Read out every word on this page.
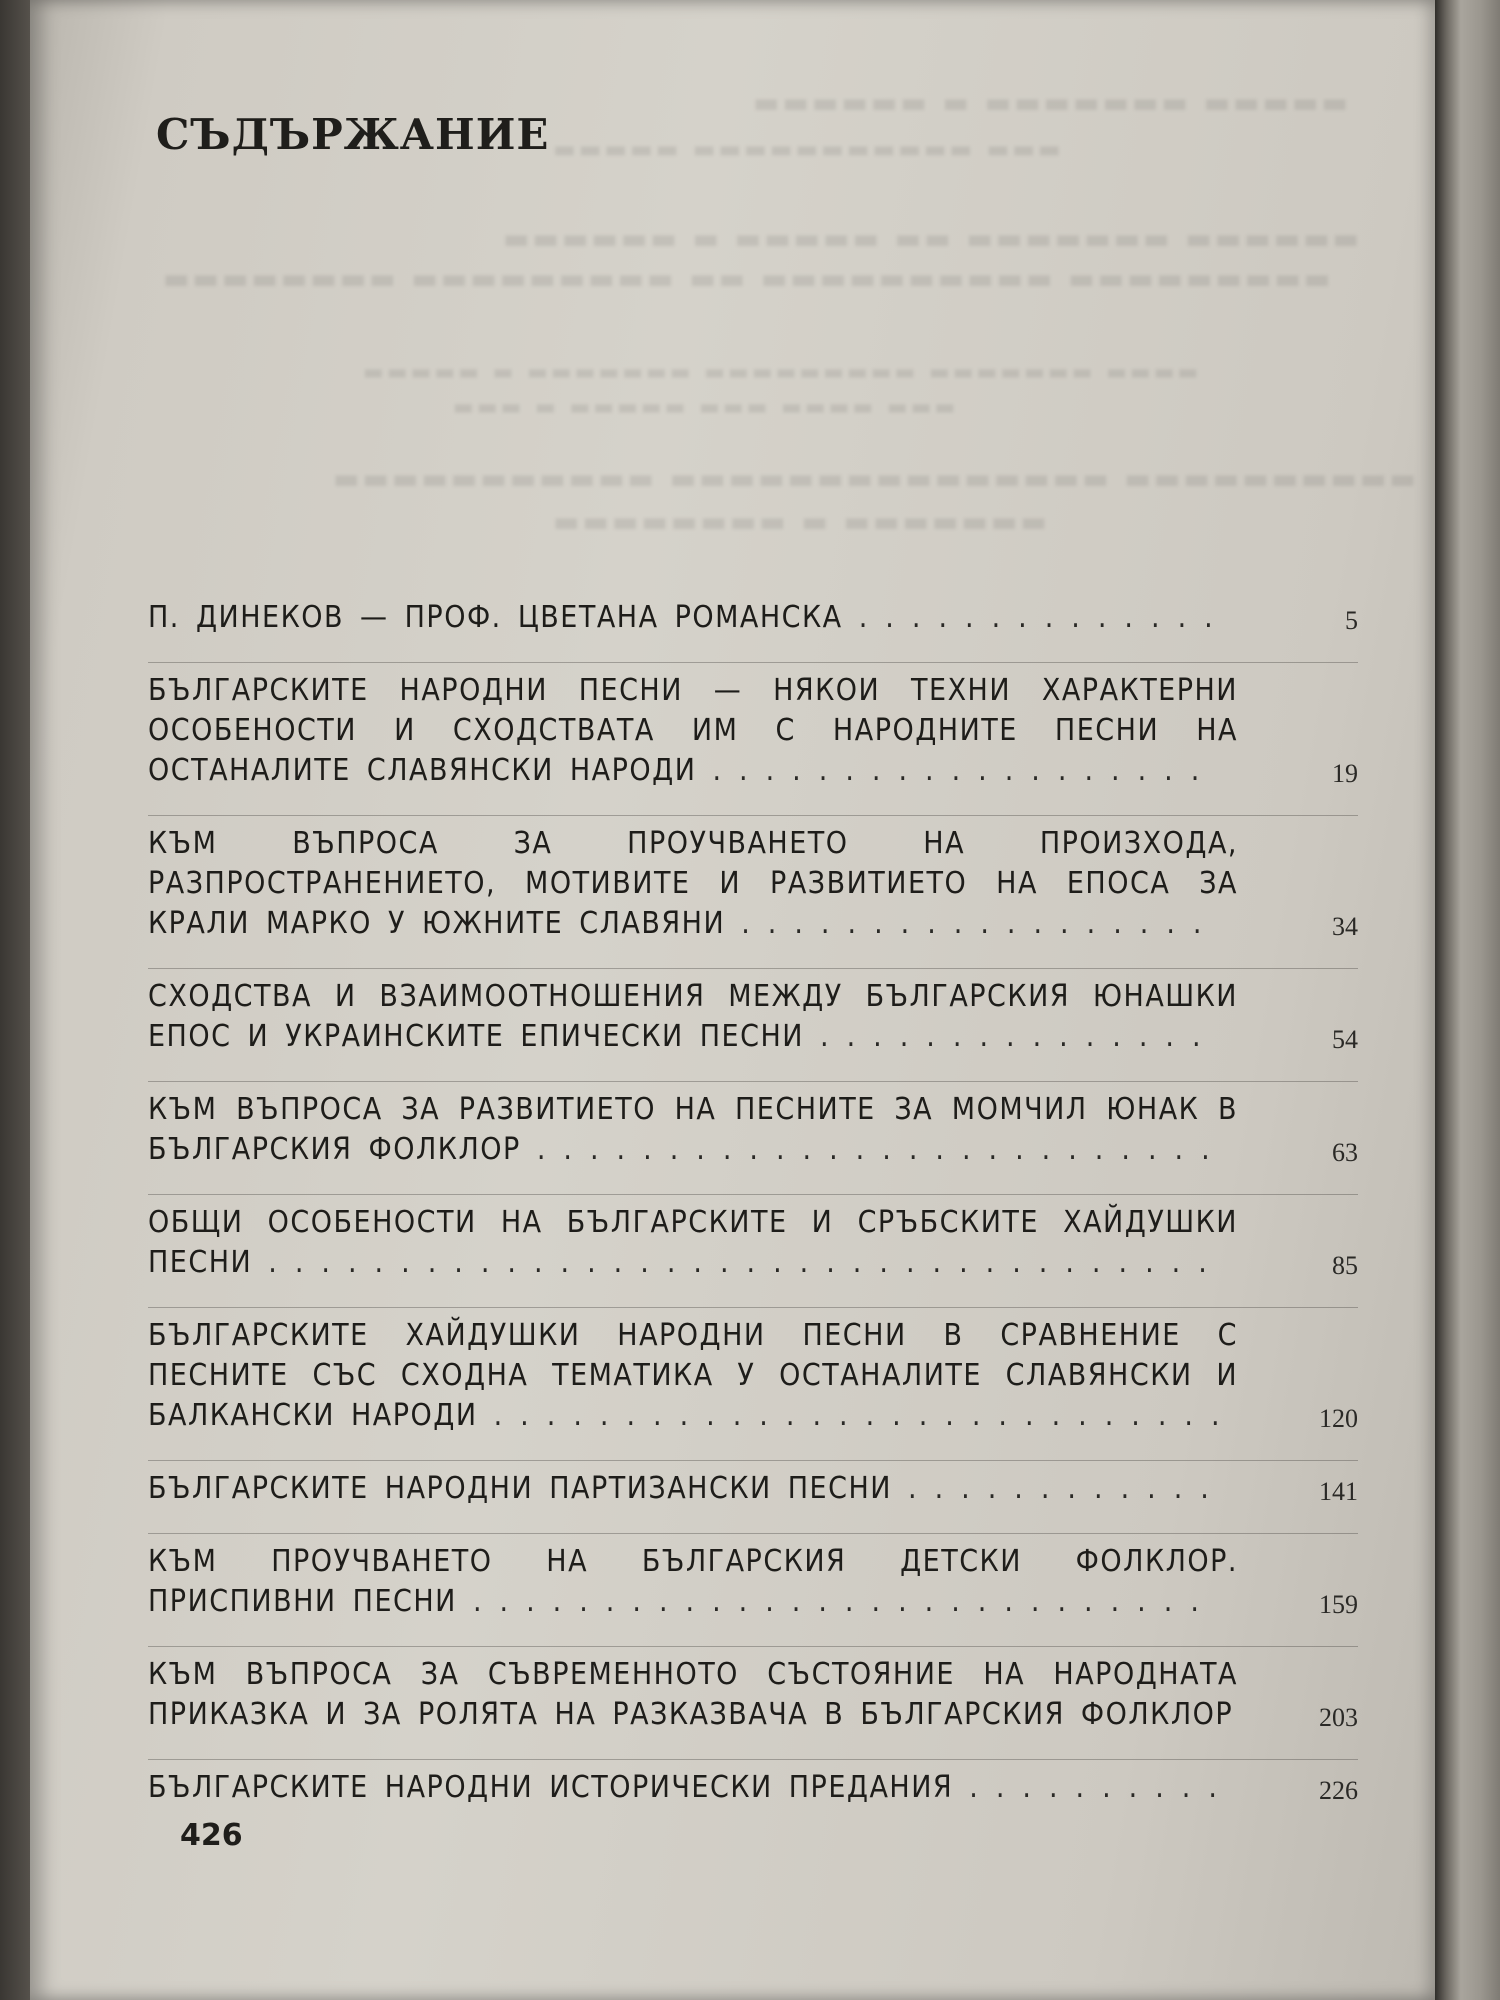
▬▬▬▬▬ ▬▬▬▬▬▬▬ ▬ ▬▬▬▬▬▬
▬▬▬ ▬▬▬▬▬▬▬▬▬▬▬ ▬▬▬▬▬
▬▬▬▬▬▬ ▬▬▬▬▬▬▬ ▬▬ ▬▬▬▬▬ ▬ ▬▬▬▬▬▬
▬▬▬▬▬▬▬▬▬ ▬▬▬▬▬▬▬▬▬▬ ▬▬ ▬▬▬▬▬▬▬▬▬ ▬▬▬▬▬▬▬▬
▬▬▬▬ ▬▬▬▬▬▬▬ ▬▬▬▬▬▬▬▬▬ ▬▬▬▬▬▬▬ ▬ ▬▬▬▬▬
▬▬▬ ▬▬▬▬ ▬▬▬ ▬▬▬▬▬ ▬ ▬▬▬
▬▬▬▬▬▬▬▬▬▬ ▬▬▬▬▬▬▬▬▬▬▬▬▬▬▬ ▬▬▬▬▬▬▬▬▬▬▬
▬▬▬▬▬▬▬ ▬ ▬▬▬▬▬▬▬▬
СЪДЪРЖАНИЕ
П. ДИНЕКОВ — ПРОФ. ЦВЕТАНА РОМАНСКА ..............	5
БЪЛГАРСКИТЕ НАРОДНИ ПЕСНИ — НЯКОИ ТЕХНИ ХАРАКТЕРНИ ОСОБЕНОСТИ И СХОДСТВАТА ИМ С НАРОДНИТЕ ПЕСНИ НА ОСТАНАЛИТЕ СЛАВЯНСКИ НАРОДИ ...................	19
КЪМ ВЪПРОСА ЗА ПРОУЧВАНЕТО НА ПРОИЗХОДА, РАЗПРОСТРАНЕНИЕТО, МОТИВИТЕ И РАЗВИТИЕТО НА ЕПОСА ЗА КРАЛИ МАРКО У ЮЖНИТЕ СЛАВЯНИ ..................	34
СХОДСТВА И ВЗАИМООТНОШЕНИЯ МЕЖДУ БЪЛГАРСКИЯ ЮНАШКИ ЕПОС И УКРАИНСКИТЕ ЕПИЧЕСКИ ПЕСНИ ...............	54
КЪМ ВЪПРОСА ЗА РАЗВИТИЕТО НА ПЕСНИТЕ ЗА МОМЧИЛ ЮНАК В БЪЛГАРСКИЯ ФОЛКЛОР ..........................	63
ОБЩИ ОСОБЕНОСТИ НА БЪЛГАРСКИТЕ И СРЪБСКИТЕ ХАЙДУШКИ ПЕСНИ ....................................	85
БЪЛГАРСКИТЕ ХАЙДУШКИ НАРОДНИ ПЕСНИ В СРАВНЕНИЕ С ПЕСНИТЕ СЪС СХОДНА ТЕМАТИКА У ОСТАНАЛИТЕ СЛАВЯНСКИ И БАЛКАНСКИ НАРОДИ ............................	120
БЪЛГАРСКИТЕ НАРОДНИ ПАРТИЗАНСКИ ПЕСНИ ............	141
КЪМ ПРОУЧВАНЕТО НА БЪЛГАРСКИЯ ДЕТСКИ ФОЛКЛОР. ПРИСПИВНИ ПЕСНИ ............................	159
КЪМ ВЪПРОСА ЗА СЪВРЕМЕННОТО СЪСТОЯНИЕ НА НАРОДНАТА ПРИКАЗКА И ЗА РОЛЯТА НА РАЗКАЗВАЧА В БЪЛГАРСКИЯ ФОЛКЛОР	203
БЪЛГАРСКИТЕ НАРОДНИ ИСТОРИЧЕСКИ ПРЕДАНИЯ ..........	226
426
